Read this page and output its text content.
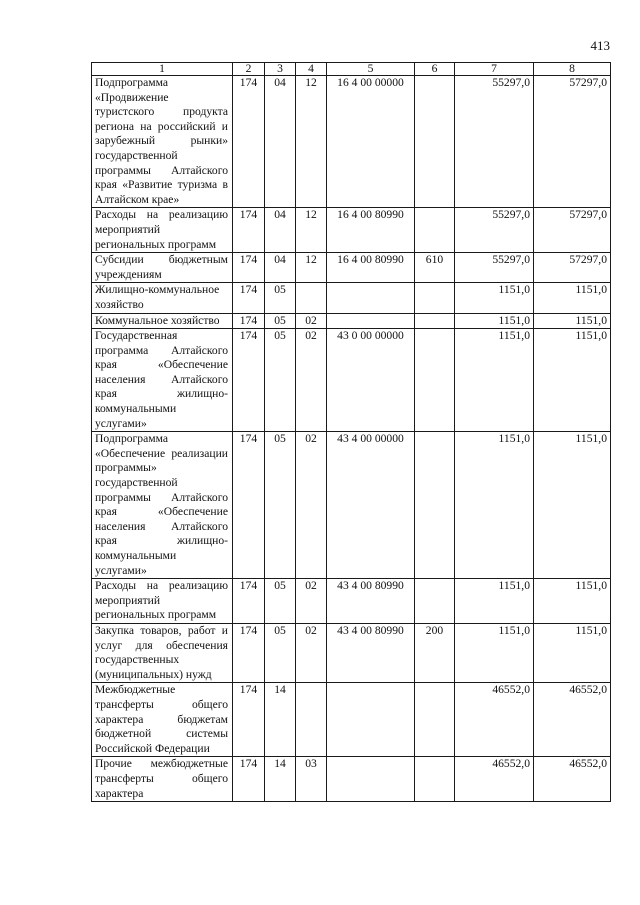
413
1	2	3	4	5	6	7	8
Подпрограмма «Продвижение туристского продукта региона на российский и зарубежный рынки» государственной программы Алтайского края «Развитие туризма в Алтайском крае»	174	04	12	16 4 00 00000		55297,0	57297,0
Расходы на реализацию мероприятий региональных программ	174	04	12	16 4 00 80990		55297,0	57297,0
Субсидии бюджетным учреждениям	174	04	12	16 4 00 80990	610	55297,0	57297,0
Жилищно-коммунальное хозяйство	174	05				1151,0	1151,0
Коммунальное хозяйство	174	05	02			1151,0	1151,0
Государственная программа Алтайского края «Обеспечение населения Алтайского края жилищно-коммунальными услугами»	174	05	02	43 0 00 00000		1151,0	1151,0
Подпрограмма «Обеспечение реализации программы» государственной программы Алтайского края «Обеспечение населения Алтайского края жилищно-коммунальными услугами»	174	05	02	43 4 00 00000		1151,0	1151,0
Расходы на реализацию мероприятий региональных программ	174	05	02	43 4 00 80990		1151,0	1151,0
Закупка товаров, работ и услуг для обеспечения государственных (муниципальных) нужд	174	05	02	43 4 00 80990	200	1151,0	1151,0
Межбюджетные трансферты общего характера бюджетам бюджетной системы Российской Федерации	174	14				46552,0	46552,0
Прочие межбюджетные трансферты общего характера	174	14	03			46552,0	46552,0
